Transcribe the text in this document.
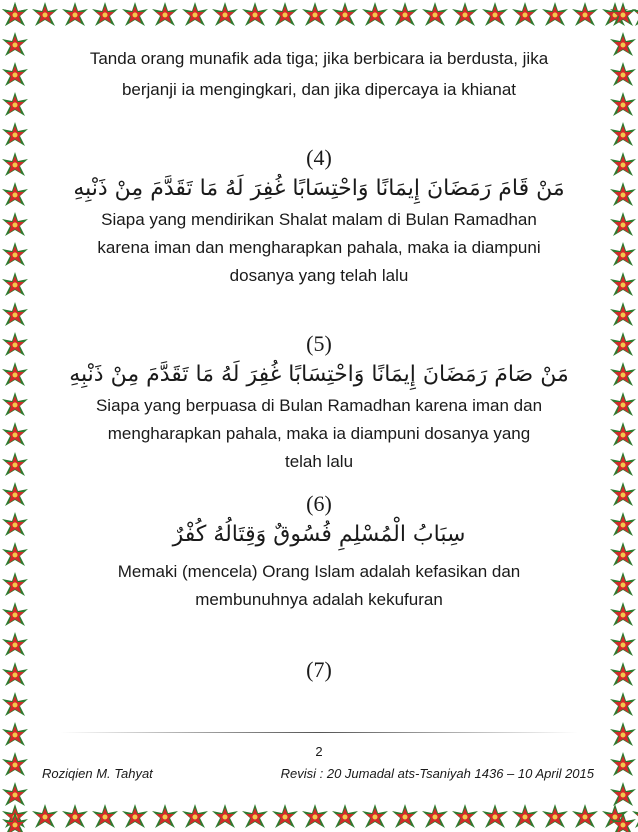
Tanda orang munafik ada tiga; jika berbicara ia berdusta, jika
berjanji ia mengingkari, dan jika dipercaya ia khianat
(4)
مَنْ قَامَ رَمَضَانَ إِيمَانًا وَاحْتِسَابًا غُفِرَ لَهُ مَا تَقَدَّمَ مِنْ ذَنْبِهِ
Siapa yang mendirikan Shalat malam di Bulan Ramadhan
karena iman dan mengharapkan pahala, maka ia diampuni
dosanya yang telah lalu
(5)
مَنْ صَامَ رَمَضَانَ إِيمَانًا وَاحْتِسَابًا غُفِرَ لَهُ مَا تَقَدَّمَ مِنْ ذَنْبِهِ
Siapa yang berpuasa di Bulan Ramadhan karena iman dan
mengharapkan pahala, maka ia diampuni dosanya yang
telah lalu
(6)
سِبَابُ الْمُسْلِمِ فُسُوقٌ وَقِتَالُهُ كُفْرٌ
Memaki (mencela) Orang Islam adalah kefasikan dan
membunuhnya adalah kekufuran
(7)
2
Roziqien M. Tahyat	Revisi : 20 Jumadal ats-Tsaniyah 1436 – 10 April 2015
